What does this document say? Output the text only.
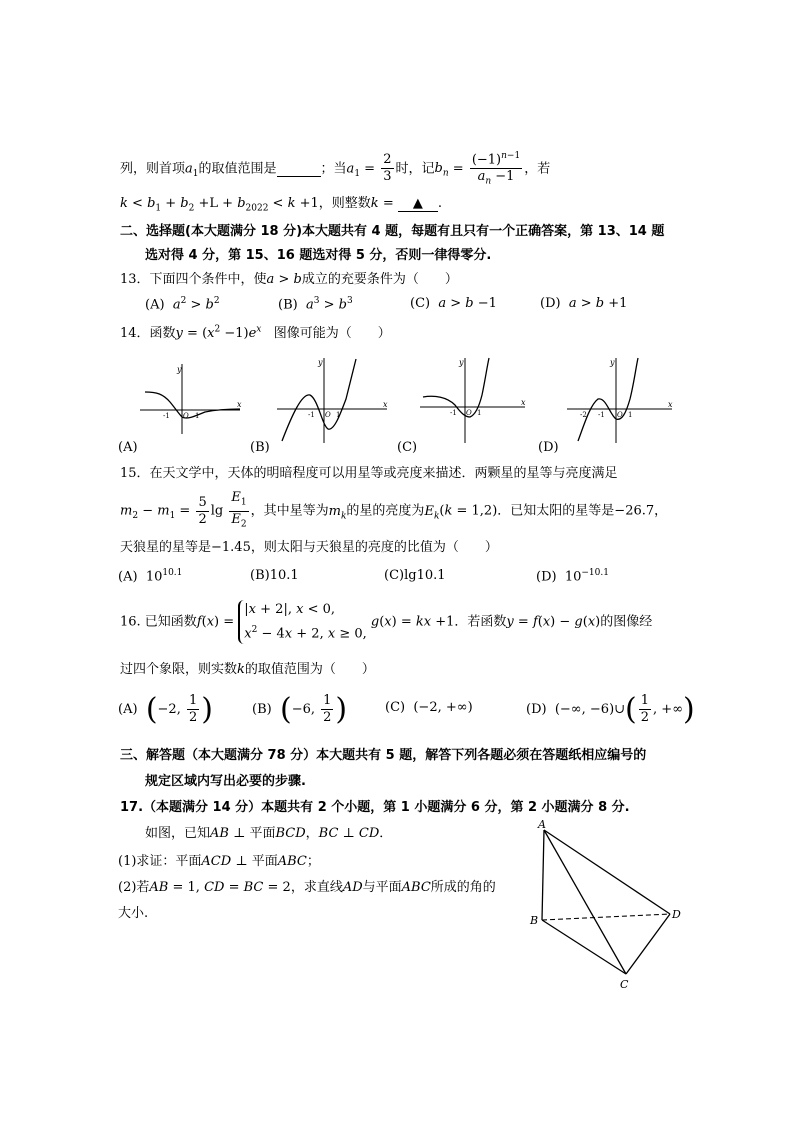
列，则首项$a_1$的取值范围是	；当$a_1 = \frac{2}{3}$ 时，记$b_n = \frac{(-1)^{n-1}}{a_n -1}$ ，若
$k < b_1 + b_2 +L + b_{2022} < k +1$，则整数k = ▲ .
二、选择题(本大题满分 18 分)本大题共有 4 题，每题有且只有一个正确答案，第 13、14 题
选对得 4 分，第 15、16 题选对得 5 分，否则一律得零分.
13．下面四个条件中，使a > b成立的充要条件为（　　）
(A) $a^2 > b^2$	(B) $a^3 > b^3$	(C) a > b −1	(D) a > b +1
14．函数$y = (x^2 -1)e^x$ 图像可能为（　　）
x
y
-1 O 1
x
y
-1 O 1
x
y
-1 O 1
x
y
-2 -1 O 1
(A)	(B)	(C)	(D)
15．在天文学中，天体的明暗程度可以用星等或亮度来描述．两颗星的星等与亮度满足
$m_2 - m_1 = \frac{5}{2}$ $\lg \frac{E_1}{E_2}$ ，其中星等为$m_k$的星的亮度为$E_k(k = 1,2)$．已知太阳的星等是−26.7，
天狼星的星等是−1.45，则太阳与天狼星的亮度的比值为（　　）
(A) $10^{10.1}$	(B)10.1	(C)lg10.1	(D) $10^{-10.1}$
16. 已知函数f(x) =
|x + 2|, x < 0,
$x^2 - 4x + 2$, x ≥ 0,
g(x) = kx +1．若函数y = f(x) − g(x)的图像经
过四个象限，则实数k的取值范围为（　　）
(A) (−2, $\frac{1}{2}$ )	(B) (−6, $\frac{1}{2}$ )	(C)  (−2, +∞)	(D)  (−∞, −6)∪( $\frac{1}{2}$ , +∞)
三、解答题（本大题满分 78 分）本大题共有 5 题，解答下列各题必须在答题纸相应编号的
规定区域内写出必要的步骤.
17.（本题满分 14 分）本题共有 2 个小题，第 1 小题满分 6 分，第 2 小题满分 8 分.
如图，已知AB ⊥ 平面BCD，BC ⊥ CD．
(1)求证：平面ACD ⊥ 平面ABC；
(2)若AB = 1, CD = BC = 2，求直线AD与平面ABC所成的角的
大小.
A
B
C
D
